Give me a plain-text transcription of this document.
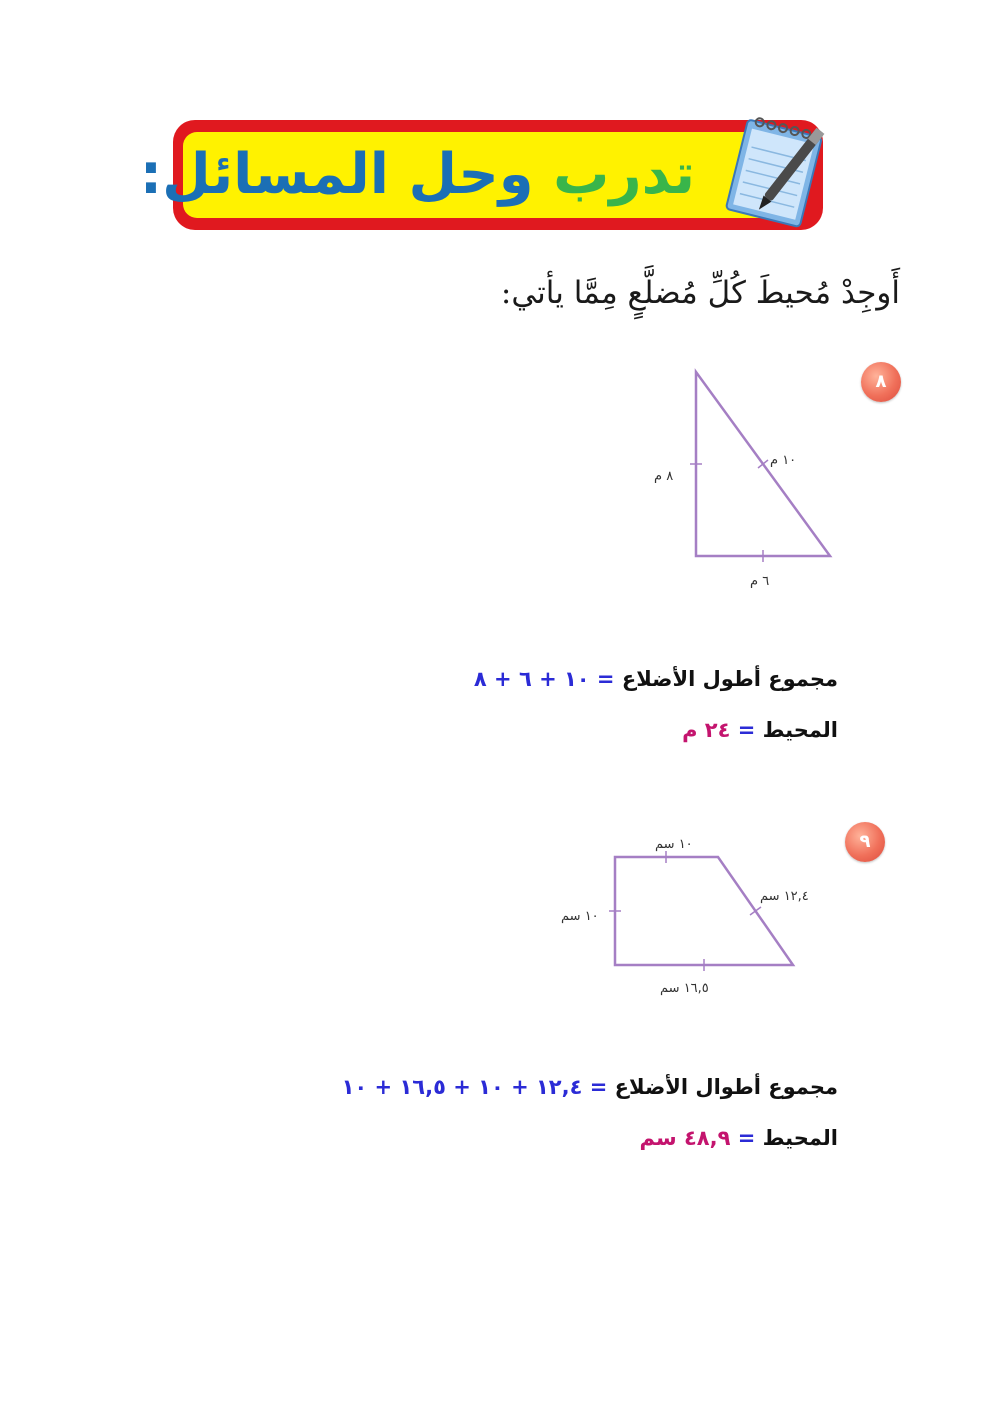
تدرب وحل المسائل:
أَوجِدْ مُحيطَ كُلِّ مُضلَّعٍ مِمَّا يأتي:
٨
١٠ م
٨ م
٦ م
مجموع أطول الأضلاع = ١٠ + ٦ + ٨
المحيط = ٢٤ م
٩
١٠ سم
١٢,٤ سم
١٠ سم
١٦,٥ سم
مجموع أطوال الأضلاع = ١٢,٤ + ١٠ + ١٦,٥ + ١٠
المحيط = ٤٨,٩ سم
